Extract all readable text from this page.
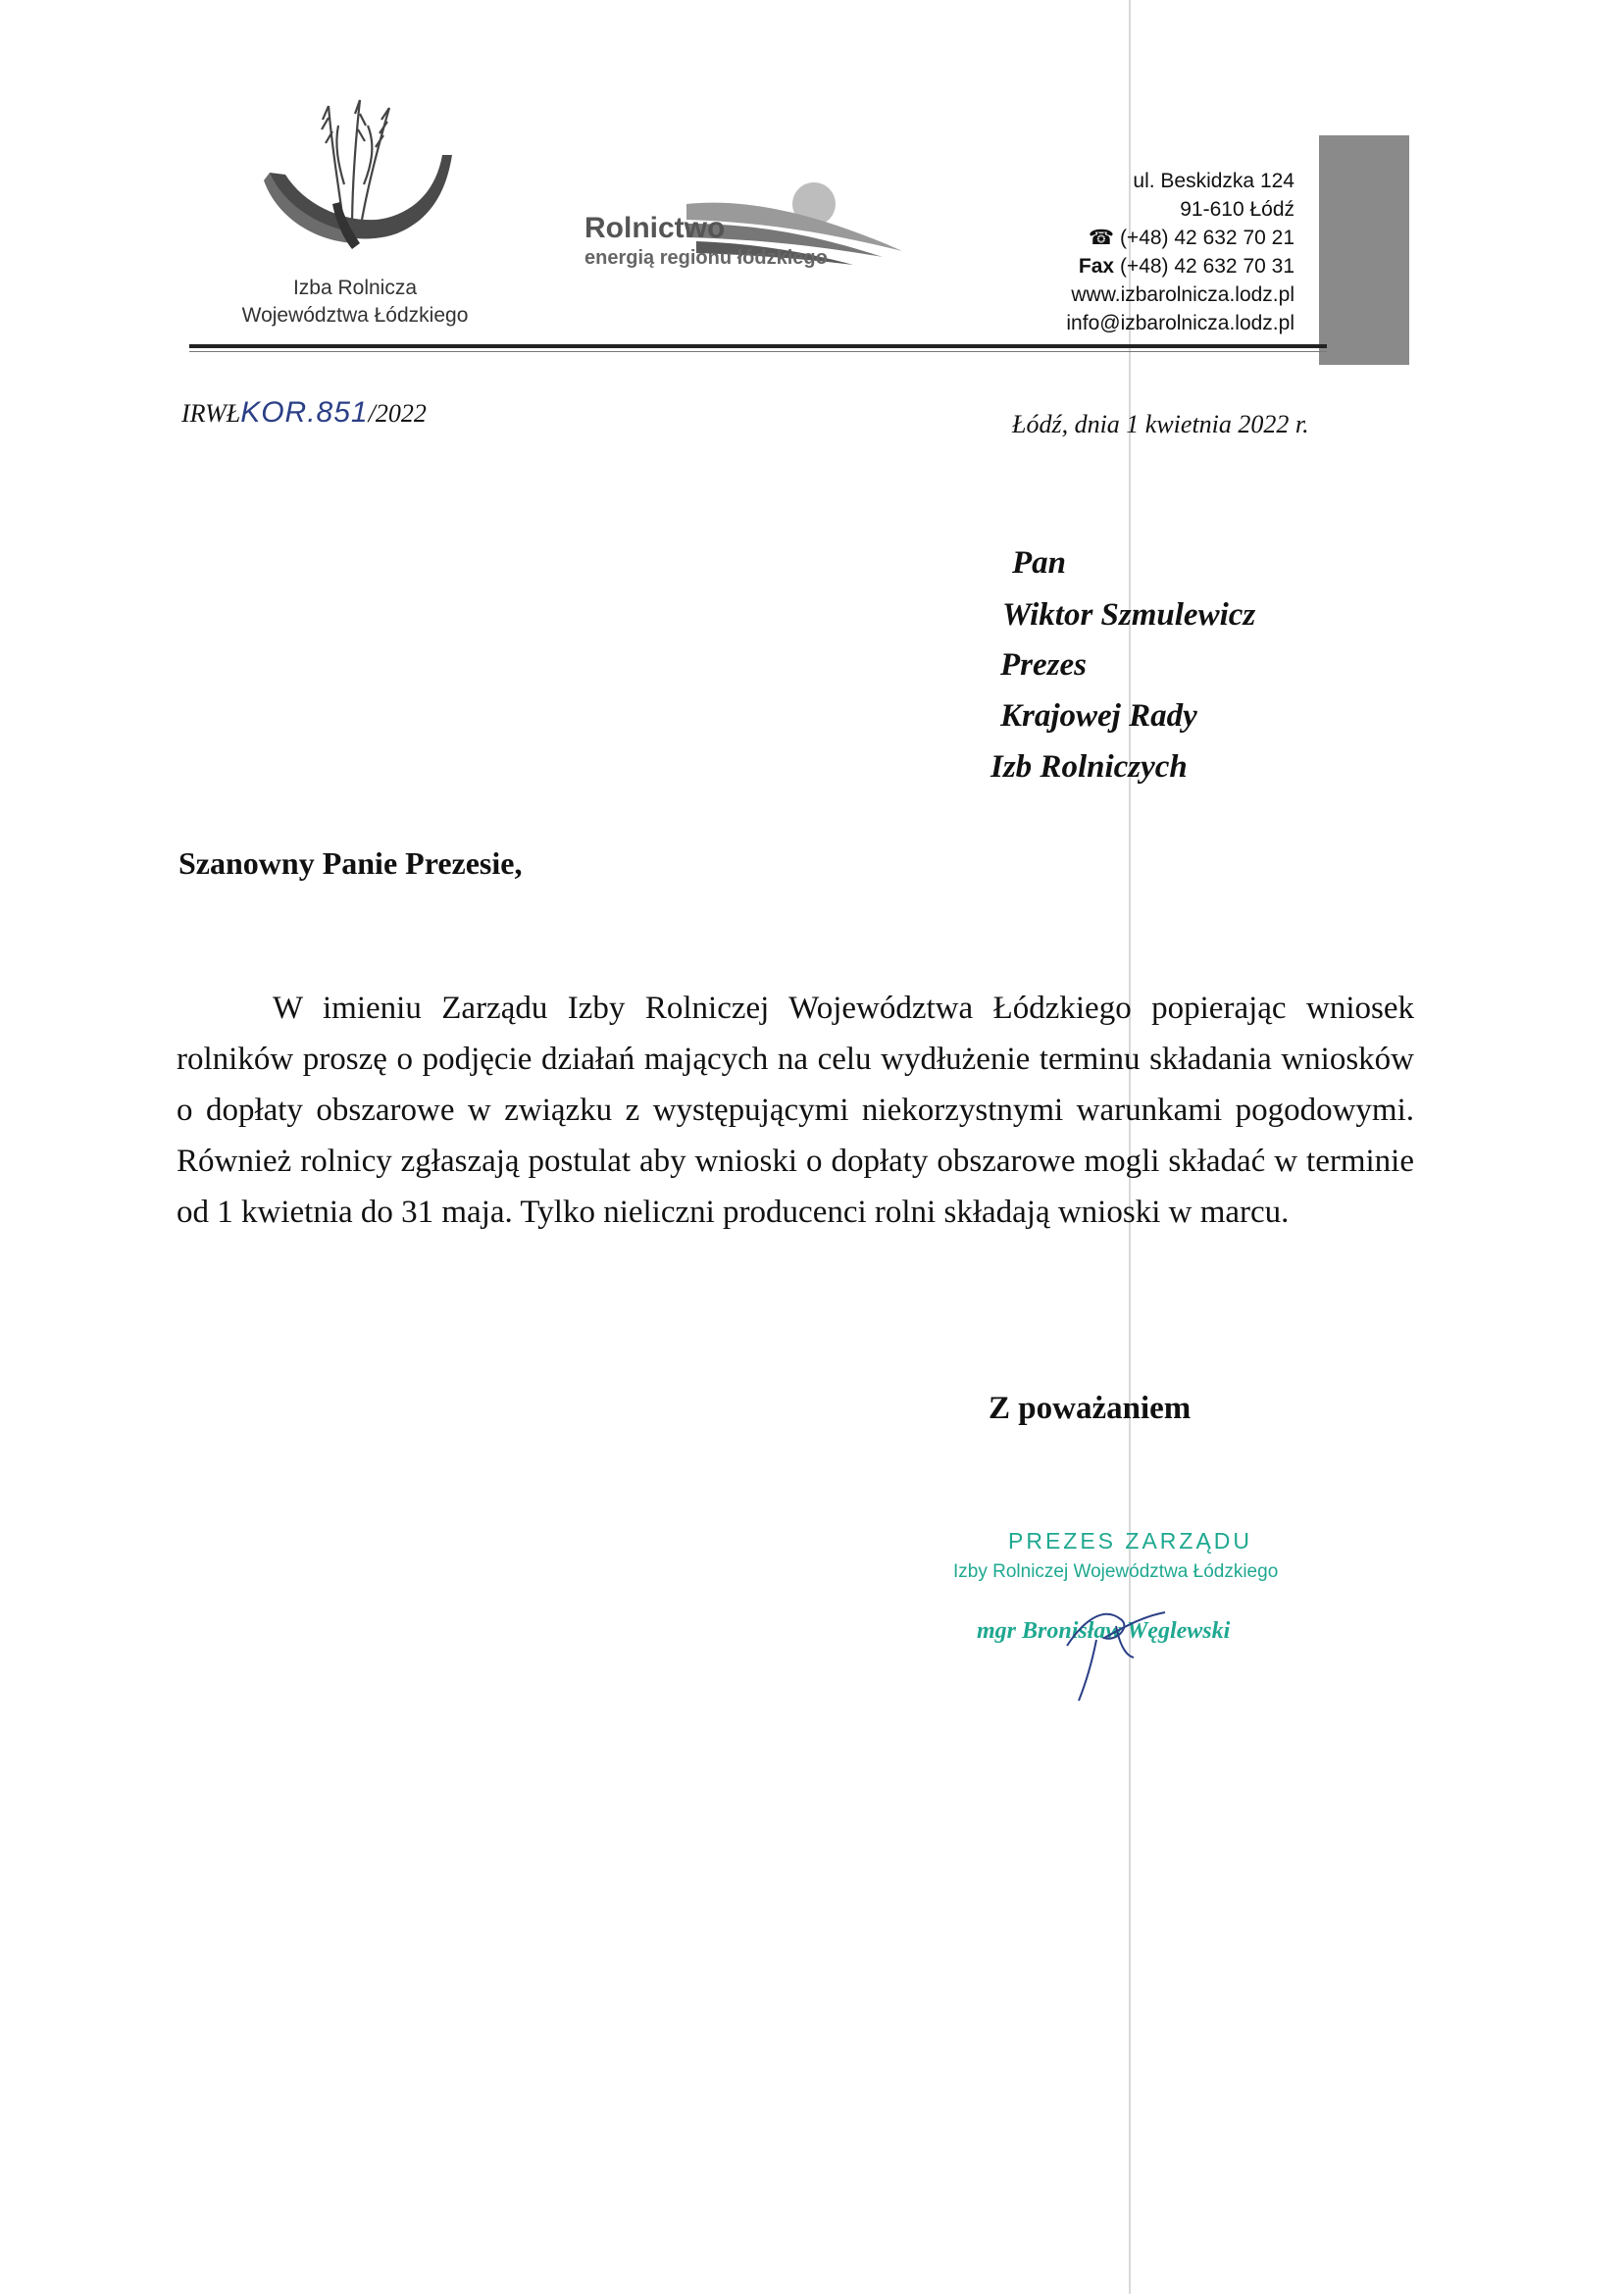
Izba Rolnicza
Województwa Łódzkiego
Rolnictwo
energią regionu łódzkiego
ul. Beskidzka 124
91-610 Łódź
☎ (+48) 42 632 70 21
Fax (+48) 42 632 70 31
www.izbarolnicza.lodz.pl
info@izbarolnicza.lodz.pl
IRWŁKOR.851/2022	Łódź, dnia 1 kwietnia 2022 r.
Pan
Wiktor Szmulewicz
Prezes
Krajowej Rady
Izb Rolniczych
Szanowny Panie Prezesie,
W imieniu Zarządu Izby Rolniczej Województwa Łódzkiego popierając wniosek rolników proszę o podjęcie działań mających na celu wydłużenie terminu składania wniosków o dopłaty obszarowe w związku z występującymi niekorzystnymi warunkami pogodowymi. Również rolnicy zgłaszają postulat aby wnioski o dopłaty obszarowe mogli składać w terminie od 1 kwietnia do 31 maja. Tylko nieliczni producenci rolni składają wnioski w marcu.
Z poważaniem
PREZES ZARZĄDU
Izby Rolniczej Województwa Łódzkiego
mgr Bronisław Węglewski
